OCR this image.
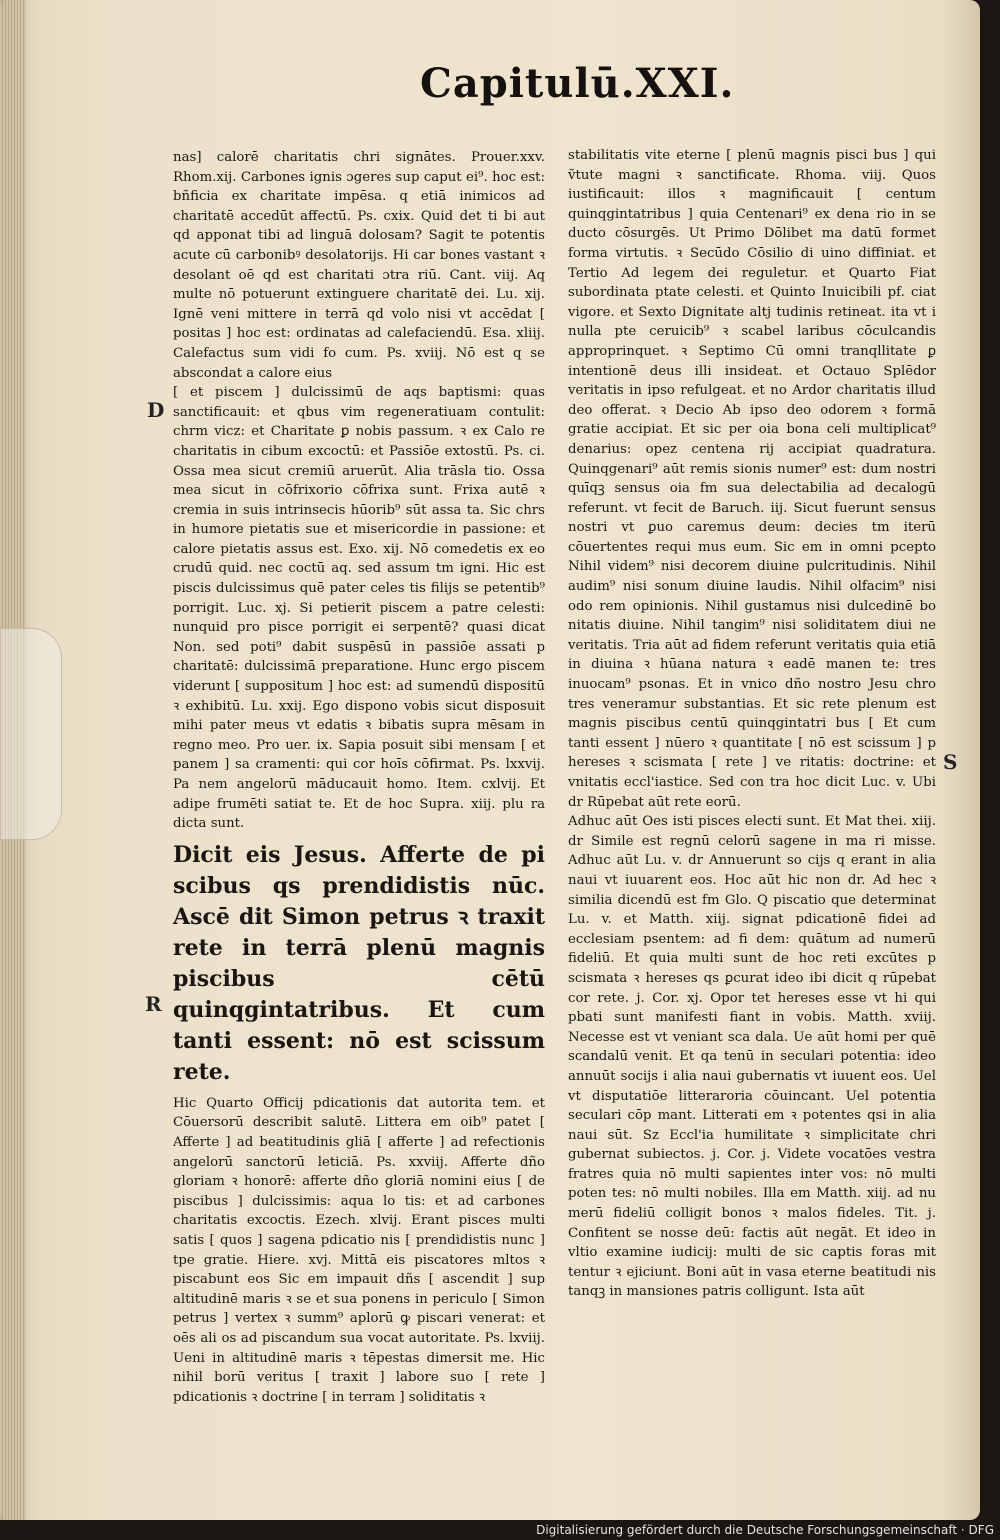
Capitulū.XXI.
D
R
S

nas] calorē charitatis chri signātes. Prouer.xxv. Rhom.xij. Carbones ignis ɔgeres sup caput ei⁹. hoc est: bñficia ex charitate impēsa. q etiā inimicos ad charitatē accedūt affectū. Ps. cxix. Quid det ti bi aut qd apponat tibi ad linguā dolosam? Sagit te potentis acute cū carbonibꝰ desolatorijs. Hi car bones vastant ꝛ desolant oē qd est charitati ɔtra riū. Cant. viij. Aq multe nō potuerunt extinguere charitatē dei. Lu. xij. Ignē veni mittere in terrā qd volo nisi vt accēdat [ positas ] hoc est: ordinatas ad calefaciendū. Esa. xliij. Calefactus sum vidi fo cum. Ps. xviij. Nō est q se abscondat a calore eius

[ et piscem ] dulcissimū de aqs baptismi: quas sanctificauit: et qbus vim regeneratiuam contulit: chrm vicz: et Charitate ꝑ nobis passum. ꝛ ex Calo re charitatis in cibum excoctū: et Passiōe extostū. Ps. ci. Ossa mea sicut cremiū aruerūt. Alia trāsla tio. Ossa mea sicut in cōfrixorio cōfrixa sunt. Frixa autē ꝛ cremia in suis intrinsecis hūorib⁹ sūt assa ta. Sic chrs in humore pietatis sue et misericordie in passione: et calore pietatis assus est. Exo. xij. Nō comedetis ex eo crudū quid. nec coctū aq. sed assum tm igni. Hic est piscis dulcissimus quē pater celes tis filijs se petentib⁹ porrigit. Luc. xj. Si petierit piscem a patre celesti: nunquid pro pisce porrigit ei serpentē? quasi dicat Non. sed poti⁹ dabit suspēsū in passiōe assati p charitatē: dulcissimā preparatione. Hunc ergo piscem viderunt [ suppositum ] hoc est: ad sumendū dispositū ꝛ exhibitū. Lu. xxij. Ego dispono vobis sicut disposuit mihi pater meus vt edatis ꝛ bibatis supra mēsam in regno meo. Pro uer. ix. Sapia posuit sibi mensam [ et panem ] sa cramenti: qui cor hoīs cōfirmat. Ps. lxxvij. Pa nem angelorū māducauit homo. Item. cxlvij. Et adipe frumēti satiat te. Et de hoc Supra. xiij. plu ra dicta sunt.

Dicit eis Jesus. Afferte de pi scibus qs prendidistis nūc. Ascē dit Simon petrus ꝛ traxit rete in terrā plenū magnis piscibus cētū quinqgintatribus. Et cum tanti essent: nō est scissum rete.

Hic Quarto Officij pdicationis dat autorita tem. et Cōuersorū describit salutē. Littera em oib⁹ patet [ Afferte ] ad beatitudinis gliā [ afferte ] ad refectionis angelorū sanctorū leticiā. Ps. xxviij. Afferte dño gloriam ꝛ honorē: afferte dño gloriā nomini eius [ de piscibus ] dulcissimis: aqua lo tis: et ad carbones charitatis excoctis. Ezech. xlvij. Erant pisces multi satis [ quos ] sagena pdicatio nis [ prendidistis nunc ] tpe gratie. Hiere. xvj. Mittā eis piscatores mltos ꝛ piscabunt eos Sic em impauit dñs [ ascendit ] sup altitudinē maris ꝛ se et sua ponens in periculo [ Simon petrus ] vertex ꝛ summ⁹ aplorū ꝙ piscari venerat: et oēs ali os ad piscandum sua vocat autoritate. Ps. lxviij. Ueni in altitudinē maris ꝛ tēpestas dimersit me. Hic nihil borū veritus [ traxit ] labore suo [ rete ] pdicationis ꝛ doctrine [ in terram ] soliditatis ꝛ

stabilitatis vite eterne [ plenū magnis pisci bus ] qui ṽtute magni ꝛ sanctificate. Rhoma. viij. Quos iustificauit: illos ꝛ magnificauit [ centum quinqgintatribus ] quia Centenari⁹ ex dena rio in se ducto cōsurgēs. Ut Primo Dōlibet ma datū formet forma virtutis. ꝛ Secūdo Cōsilio di uino diffiniat. et Tertio Ad legem dei reguletur. et Quarto Fiat subordinata ptate celesti. et Quinto Inuicibili pf. ciat vigore. et Sexto Dignitate altj tudinis retineat. ita vt i nulla pte ceruicib⁹ ꝛ scabel laribus cōculcandis approprinquet. ꝛ Septimo Cū omni tranqllitate ꝑ intentionē deus illi insideat. et Octauo Splēdor veritatis in ipso refulgeat. et no Ardor charitatis illud deo offerat. ꝛ Decio Ab ipso deo odorem ꝛ formā gratie accipiat. Et sic per oia bona celi multiplicat⁹ denarius: opez centena rij accipiat quadratura. Quinqgenari⁹ aūt remis sionis numer⁹ est: dum nostri quīqꝫ sensus oia fm sua delectabilia ad decalogū referunt. vt fecit de Baruch. iij. Sicut fuerunt sensus nostri vt ꝑuo caremus deum: decies tm iterū cōuertentes requi mus eum. Sic em in omni pcepto Nihil videm⁹ nisi decorem diuine pulcritudinis. Nihil audim⁹ nisi sonum diuine laudis. Nihil olfacim⁹ nisi odo rem opinionis. Nihil gustamus nisi dulcedinē bo nitatis diuine. Nihil tangim⁹ nisi soliditatem diui ne veritatis. Tria aūt ad fidem referunt veritatis quia etiā in diuina ꝛ hūana natura ꝛ eadē manen te: tres inuocam⁹ psonas. Et in vnico dño nostro Jesu chro tres veneramur substantias. Et sic rete plenum est magnis piscibus centū quinqgintatri bus [ Et cum tanti essent ] nūero ꝛ quantitate [ nō est scissum ] p hereses ꝛ scismata [ rete ] ve ritatis: doctrine: et vnitatis eccl'iastice. Sed con tra hoc dicit Luc. v. Ubi dr Rūpebat aūt rete eorū.

Adhuc aūt Oes isti pisces electi sunt. Et Mat thei. xiij. dr Simile est regnū celorū sagene in ma ri misse. Adhuc aūt Lu. v. dr Annuerunt so cijs q erant in alia naui vt iuuarent eos. Hoc aūt hic non dr. Ad hec ꝛ similia dicendū est fm Glo. Q piscatio que determinat Lu. v. et Matth. xiij. signat pdicationē fidei ad ecclesiam psentem: ad fi dem: quātum ad numerū fideliū. Et quia multi sunt de hoc reti excūtes p scismata ꝛ hereses qs ꝑcurat ideo ibi dicit q rūpebat cor rete. j. Cor. xj. Opor tet hereses esse vt hi qui pbati sunt manifesti fiant in vobis. Matth. xviij. Necesse est vt veniant sca dala. Ue aūt homi per quē scandalū venit. Et qa tenū in seculari potentia: ideo annuūt socijs i alia naui gubernatis vt iuuent eos. Uel vt disputatiōe litteraroria cōuincant. Uel potentia seculari cōp mant. Litterati em ꝛ potentes qsi in alia naui sūt. Sz Eccl'ia humilitate ꝛ simplicitate chri gubernat subiectos. j. Cor. j. Videte vocatōes vestra fratres quia nō multi sapientes inter vos: nō multi poten tes: nō multi nobiles. Illa em Matth. xiij. ad nu merū fideliū colligit bonos ꝛ malos fideles. Tit. j. Confitent se nosse deū: factis aūt negāt. Et ideo in vltio examine iudicij: multi de sic captis foras mit tentur ꝛ ejiciunt. Boni aūt in vasa eterne beatitudi nis tanqꝫ in mansiones patris colligunt. Ista aūt

Digitalisierung gefördert durch die Deutsche Forschungsgemeinschaft · DFG
